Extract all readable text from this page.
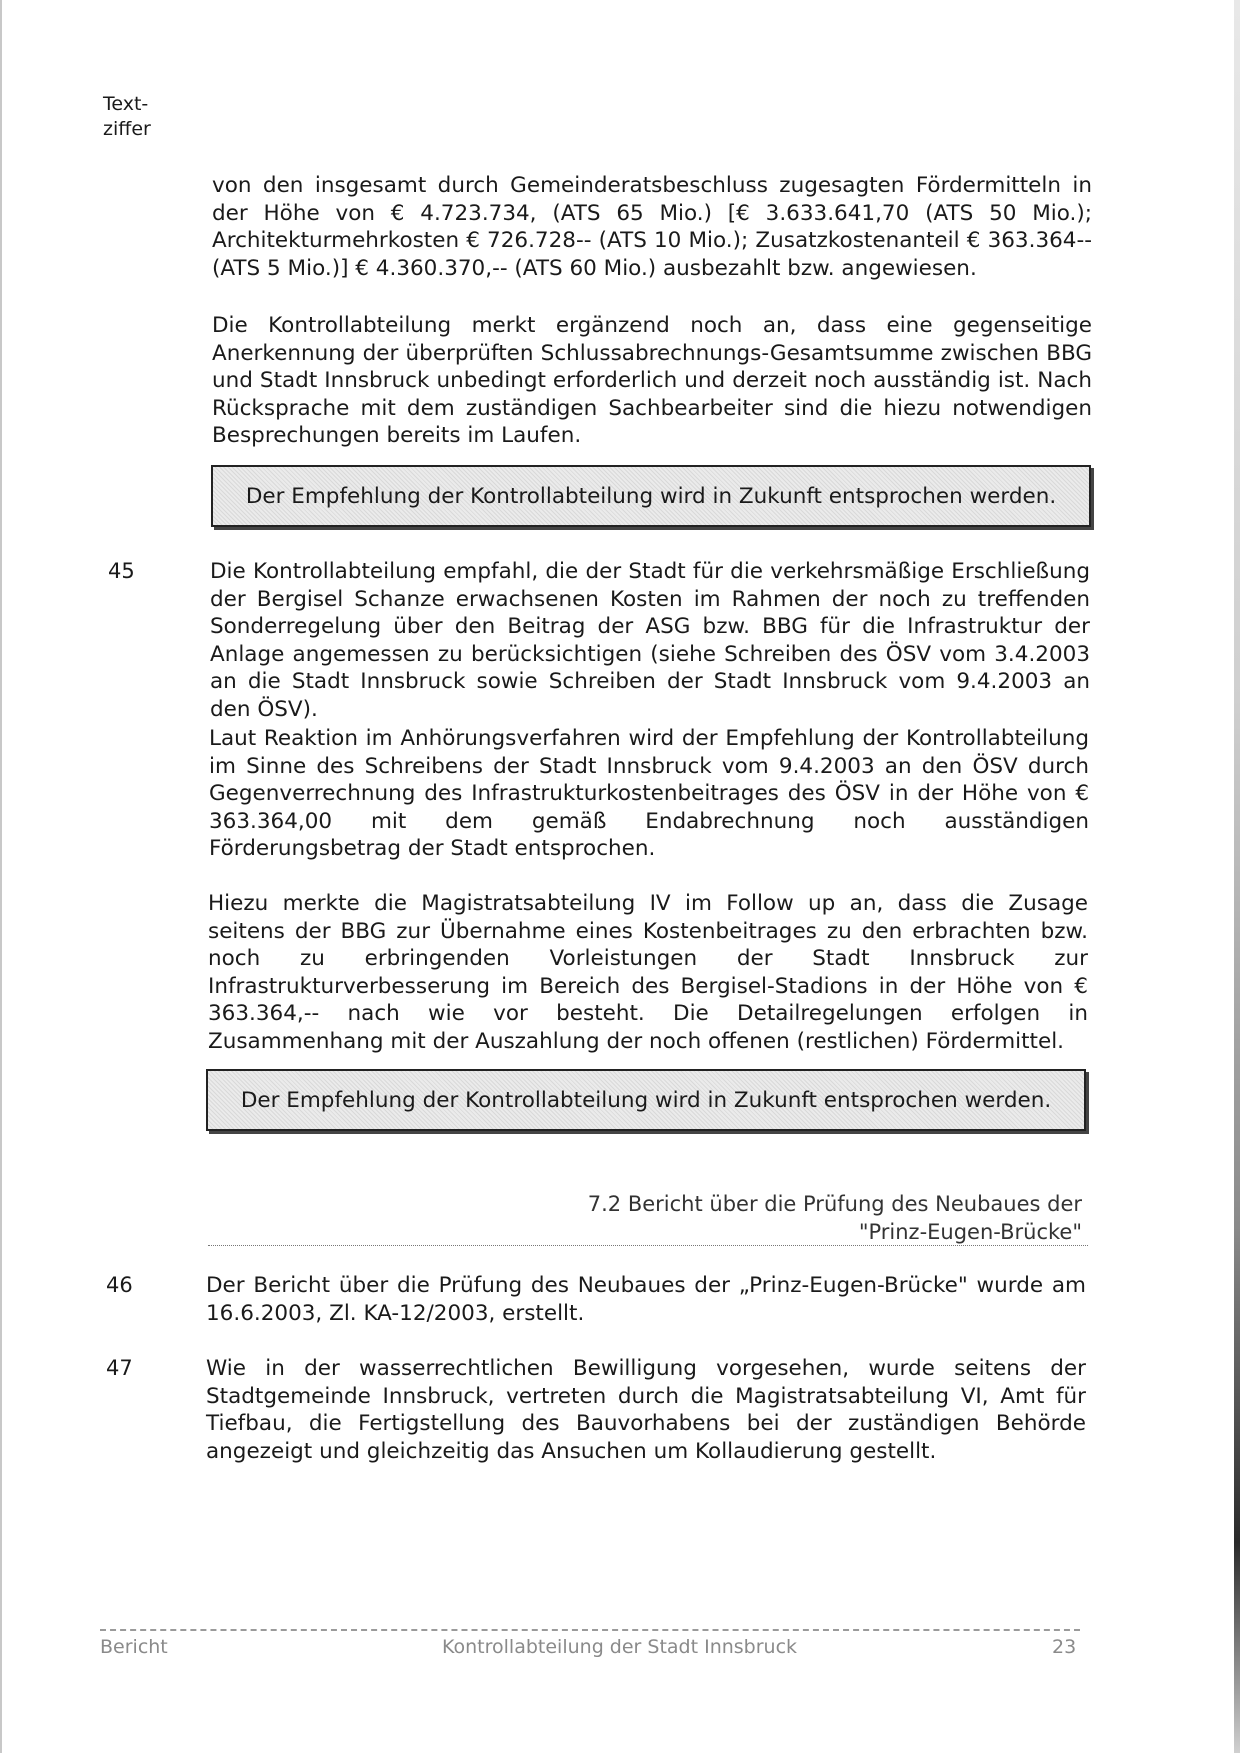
Text-
ziffer
von den insgesamt durch Gemeinderatsbeschluss zugesagten Fördermitteln in der Höhe von € 4.723.734, (ATS 65 Mio.) [€ 3.633.641,70 (ATS 50 Mio.); Architekturmehrkosten € 726.728-- (ATS 10 Mio.); Zusatzkostenanteil € 363.364-- (ATS 5 Mio.)] € 4.360.370,-- (ATS 60 Mio.) ausbezahlt bzw. angewiesen.
Die Kontrollabteilung merkt ergänzend noch an, dass eine gegenseitige Anerkennung der überprüften Schlussabrechnungs-Gesamtsumme zwischen BBG und Stadt Innsbruck unbedingt erforderlich und derzeit noch ausständig ist. Nach Rücksprache mit dem zuständigen Sachbearbeiter sind die hiezu notwendigen Besprechungen bereits im Laufen.
Der Empfehlung der Kontrollabteilung wird in Zukunft entsprochen werden.
45	Die Kontrollabteilung empfahl, die der Stadt für die verkehrsmäßige Erschließung der Bergisel Schanze erwachsenen Kosten im Rahmen der noch zu treffenden Sonderregelung über den Beitrag der ASG bzw. BBG für die Infrastruktur der Anlage angemessen zu berücksichtigen (siehe Schreiben des ÖSV vom 3.4.2003 an die Stadt Innsbruck sowie Schreiben der Stadt Innsbruck vom 9.4.2003 an den ÖSV).
Laut Reaktion im Anhörungsverfahren wird der Empfehlung der Kontrollabteilung im Sinne des Schreibens der Stadt Innsbruck vom 9.4.2003 an den ÖSV durch Gegenverrechnung des Infrastrukturkostenbeitrages des ÖSV in der Höhe von € 363.364,00 mit dem gemäß Endabrechnung noch ausständigen Förderungsbetrag der Stadt entsprochen.
Hiezu merkte die Magistratsabteilung IV im Follow up an, dass die Zusage seitens der BBG zur Übernahme eines Kostenbeitrages zu den erbrachten bzw. noch zu erbringenden Vorleistungen der Stadt Innsbruck zur Infrastrukturverbesserung im Bereich des Bergisel-Stadions in der Höhe von € 363.364,-- nach wie vor besteht. Die Detailregelungen erfolgen in Zusammenhang mit der Auszahlung der noch offenen (restlichen) Fördermittel.
Der Empfehlung der Kontrollabteilung wird in Zukunft entsprochen werden.
7.2 Bericht über die Prüfung des Neubaues der
"Prinz-Eugen-Brücke"
46	Der Bericht über die Prüfung des Neubaues der „Prinz-Eugen-Brücke" wurde am 16.6.2003, Zl. KA-12/2003, erstellt.
47	Wie in der wasserrechtlichen Bewilligung vorgesehen, wurde seitens der Stadtgemeinde Innsbruck, vertreten durch die Magistratsabteilung VI, Amt für Tiefbau, die Fertigstellung des Bauvorhabens bei der zuständigen Behörde angezeigt und gleichzeitig das Ansuchen um Kollaudierung gestellt.
Bericht	Kontrollabteilung der Stadt Innsbruck	23
